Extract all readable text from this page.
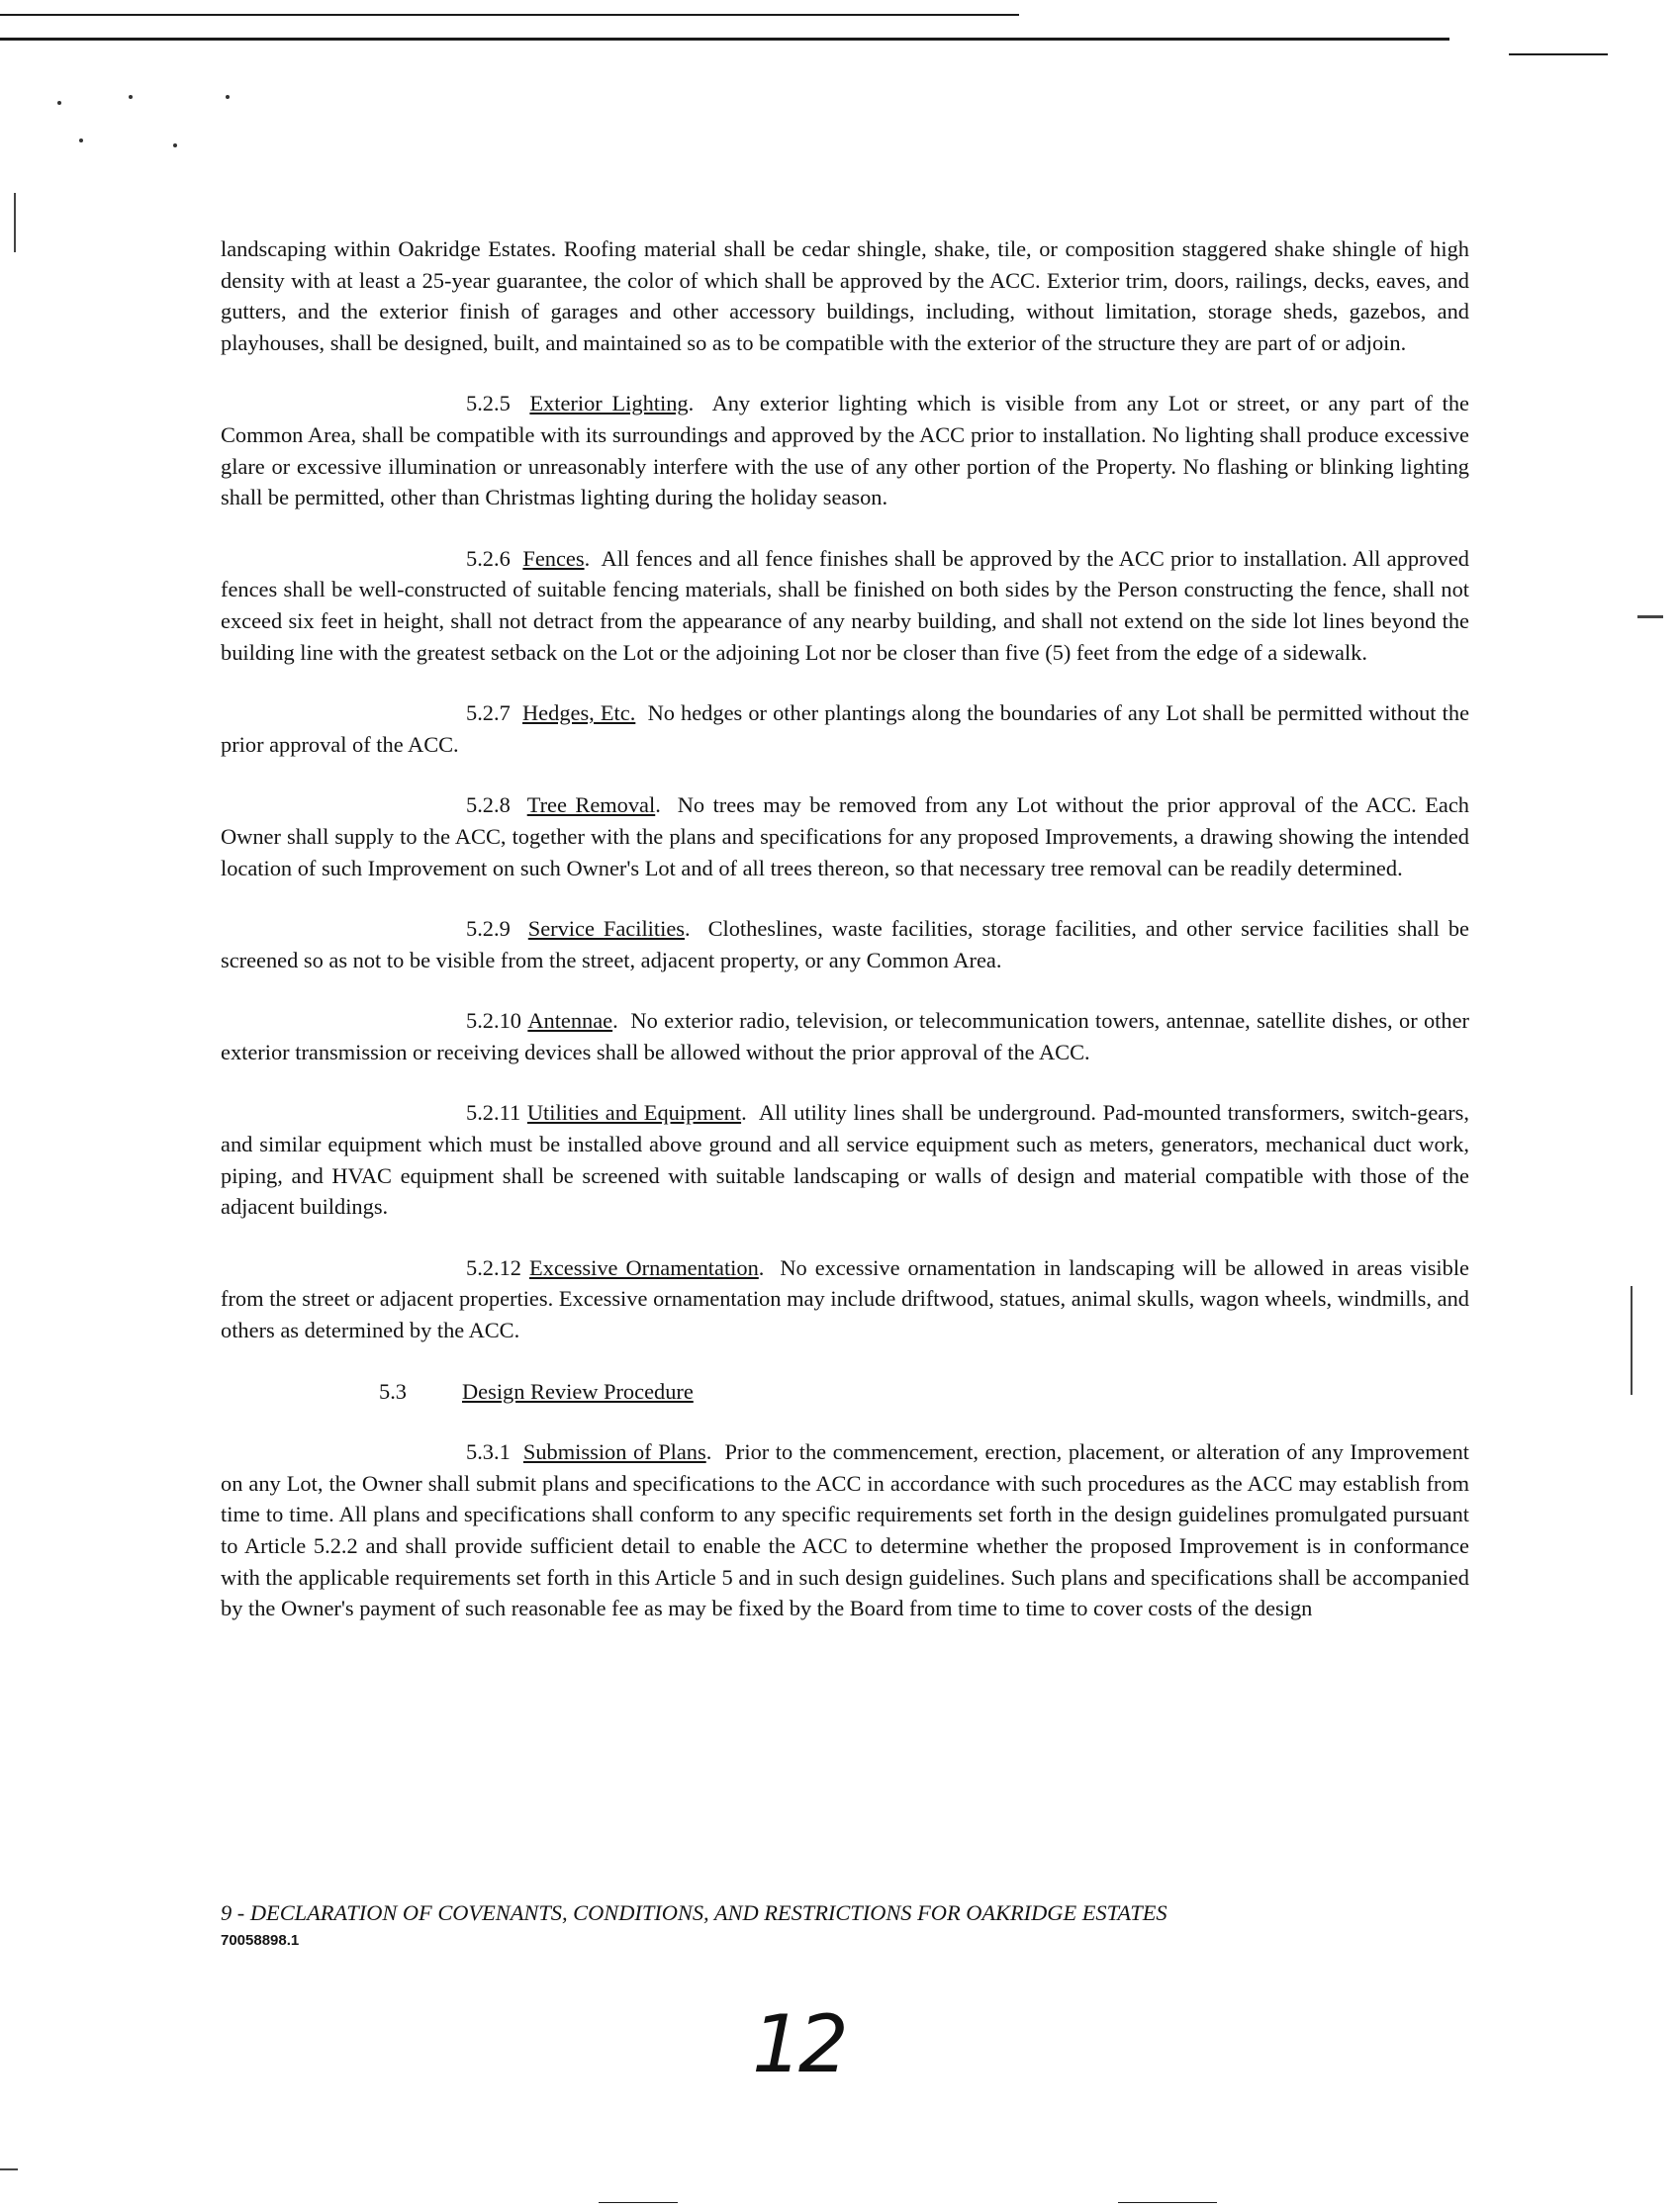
landscaping within Oakridge Estates. Roofing material shall be cedar shingle, shake, tile, or composition staggered shake shingle of high density with at least a 25-year guarantee, the color of which shall be approved by the ACC. Exterior trim, doors, railings, decks, eaves, and gutters, and the exterior finish of garages and other accessory buildings, including, without limitation, storage sheds, gazebos, and playhouses, shall be designed, built, and maintained so as to be compatible with the exterior of the structure they are part of or adjoin.

5.2.5 Exterior Lighting.  Any exterior lighting which is visible from any Lot or street, or any part of the Common Area, shall be compatible with its surroundings and approved by the ACC prior to installation. No lighting shall produce excessive glare or excessive illumination or unreasonably interfere with the use of any other portion of the Property. No flashing or blinking lighting shall be permitted, other than Christmas lighting during the holiday season.

5.2.6 Fences.  All fences and all fence finishes shall be approved by the ACC prior to installation. All approved fences shall be well-constructed of suitable fencing materials, shall be finished on both sides by the Person constructing the fence, shall not exceed six feet in height, shall not detract from the appearance of any nearby building, and shall not extend on the side lot lines beyond the building line with the greatest setback on the Lot or the adjoining Lot nor be closer than five (5) feet from the edge of a sidewalk.

5.2.7 Hedges, Etc. No hedges or other plantings along the boundaries of any Lot shall be permitted without the prior approval of the ACC.

5.2.8 Tree Removal.  No trees may be removed from any Lot without the prior approval of the ACC. Each Owner shall supply to the ACC, together with the plans and specifications for any proposed Improvements, a drawing showing the intended location of such Improvement on such Owner's Lot and of all trees thereon, so that necessary tree removal can be readily determined.

5.2.9 Service Facilities.  Clotheslines, waste facilities, storage facilities, and other service facilities shall be screened so as not to be visible from the street, adjacent property, or any Common Area.

5.2.10 Antennae.  No exterior radio, television, or telecommunication towers, antennae, satellite dishes, or other exterior transmission or receiving devices shall be allowed without the prior approval of the ACC.

5.2.11 Utilities and Equipment.  All utility lines shall be underground. Pad-mounted transformers, switch-gears, and similar equipment which must be installed above ground and all service equipment such as meters, generators, mechanical duct work, piping, and HVAC equipment shall be screened with suitable landscaping or walls of design and material compatible with those of the adjacent buildings.

5.2.12 Excessive Ornamentation.  No excessive ornamentation in landscaping will be allowed in areas visible from the street or adjacent properties. Excessive ornamentation may include driftwood, statues, animal skulls, wagon wheels, windmills, and others as determined by the ACC.

5.3	Design Review Procedure

5.3.1 Submission of Plans.  Prior to the commencement, erection, placement, or alteration of any Improvement on any Lot, the Owner shall submit plans and specifications to the ACC in accordance with such procedures as the ACC may establish from time to time. All plans and specifications shall conform to any specific requirements set forth in the design guidelines promulgated pursuant to Article 5.2.2 and shall provide sufficient detail to enable the ACC to determine whether the proposed Improvement is in conformance with the applicable requirements set forth in this Article 5 and in such design guidelines. Such plans and specifications shall be accompanied by the Owner's payment of such reasonable fee as may be fixed by the Board from time to time to cover costs of the design

9 - DECLARATION OF COVENANTS, CONDITIONS, AND RESTRICTIONS FOR OAKRIDGE ESTATES
70058898.1
12
